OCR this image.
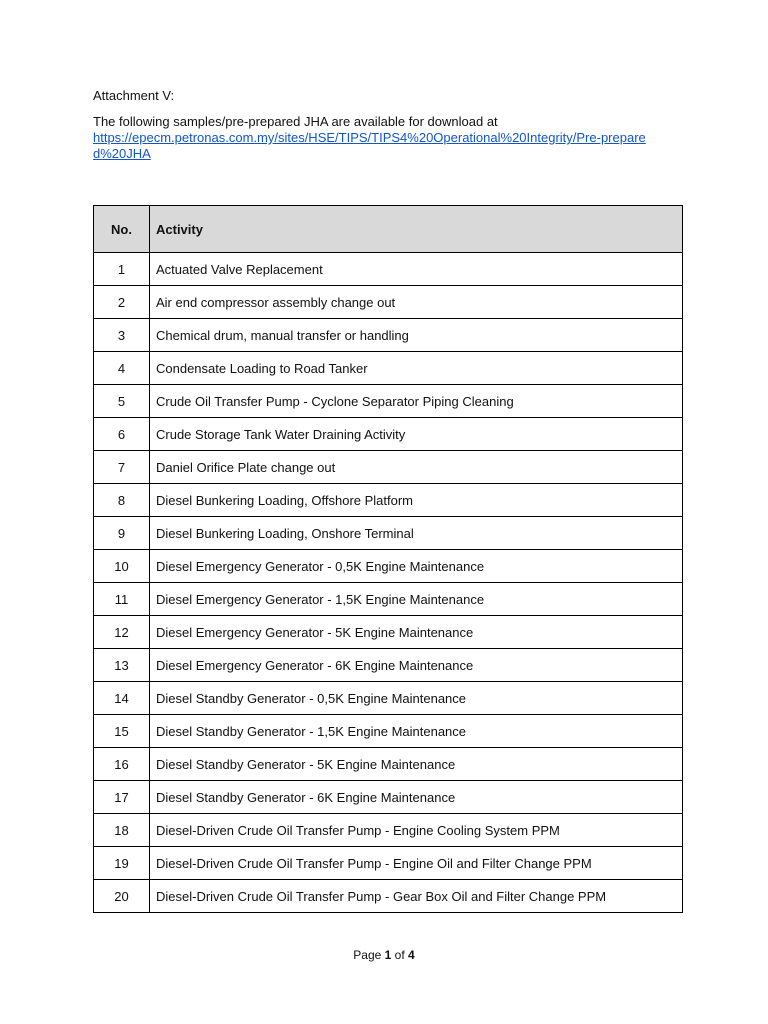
Attachment V:
The following samples/pre-prepared JHA are available for download at
https://epecm.petronas.com.my/sites/HSE/TIPS/TIPS4%20Operational%20Integrity/Pre-prepared%20JHA
No.	Activity
1	Actuated Valve Replacement
2	Air end compressor assembly change out
3	Chemical drum, manual transfer or handling
4	Condensate Loading to Road Tanker
5	Crude Oil Transfer Pump - Cyclone Separator Piping Cleaning
6	Crude Storage Tank Water Draining Activity
7	Daniel Orifice Plate change out
8	Diesel Bunkering Loading, Offshore Platform
9	Diesel Bunkering Loading, Onshore Terminal
10	Diesel Emergency Generator - 0,5K Engine Maintenance
11	Diesel Emergency Generator - 1,5K Engine Maintenance
12	Diesel Emergency Generator - 5K Engine Maintenance
13	Diesel Emergency Generator - 6K Engine Maintenance
14	Diesel Standby Generator - 0,5K Engine Maintenance
15	Diesel Standby Generator - 1,5K Engine Maintenance
16	Diesel Standby Generator - 5K Engine Maintenance
17	Diesel Standby Generator - 6K Engine Maintenance
18	Diesel-Driven Crude Oil Transfer Pump - Engine Cooling System PPM
19	Diesel-Driven Crude Oil Transfer Pump - Engine Oil and Filter Change PPM
20	Diesel-Driven Crude Oil Transfer Pump - Gear Box Oil and Filter Change PPM
Page 1 of 4
